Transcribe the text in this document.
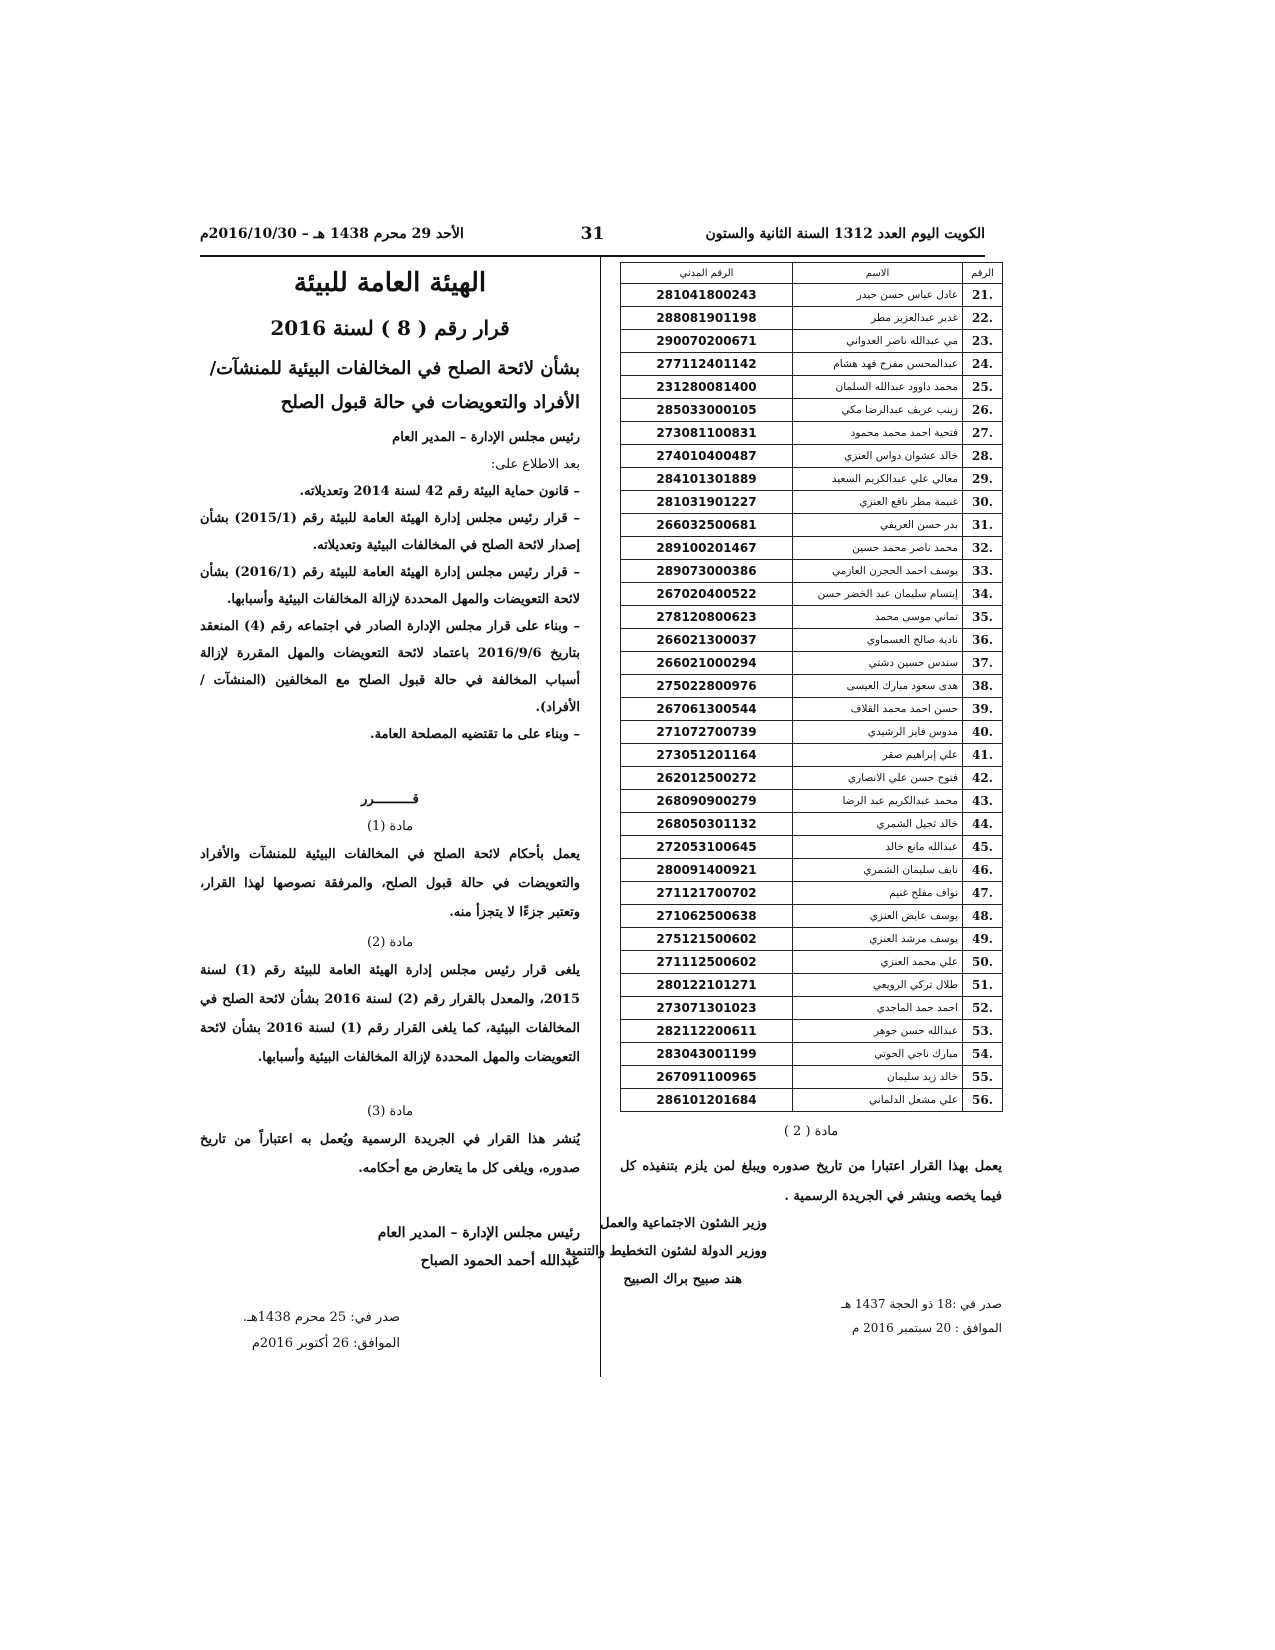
الكويت اليوم العدد 1312 السنة الثانية والستون
31
الأحد 29 محرم 1438 هـ – 2016/10/30م
الرقم	الاسم	الرقم المدني
.21	عادل عباس حسن حيدر	281041800243
.22	غدير عبدالعزيز مطر	288081901198
.23	مي عبدالله ناصر العدواني	290070200671
.24	عبدالمحسن مفرح فهد هشام	277112401142
.25	محمد داوود عبدالله السلمان	231280081400
.26	زينب عريف عبدالرضا مكي	285033000105
.27	فتحية احمد محمد محمود	273081100831
.28	خالد عشوان دواس العنزي	274010400487
.29	معالي علي عبدالكريم السعيد	284101301889
.30	غنيمة مطر نافع العنزي	281031901227
.31	بدر حسن العريفي	266032500681
.32	محمد ناصر محمد حسين	289100201467
.33	يوسف احمد الحجرن العازمي	289073000386
.34	إبتسام سليمان عبد الخضر حسن	267020400522
.35	تماني موسى محمد	278120800623
.36	نادية صالح العسماوي	266021300037
.37	سندس حسين دشتي	266021000294
.38	هدى سعود مبارك العيسى	275022800976
.39	حسن احمد محمد القلاف	267061300544
.40	مدوس فايز الرشيدي	271072700739
.41	علي إبراهيم صقر	273051201164
.42	فتوح حسن علي الانصاري	262012500272
.43	محمد عبدالكريم عبد الرضا	268090900279
.44	خالد ثجيل الشمري	268050301132
.45	عبدالله مانع خالد	272053100645
.46	نايف سليمان الشمري	280091400921
.47	نواف مفلح غنيم	271121700702
.48	يوسف عايض العنزي	271062500638
.49	يوسف مرشد العنزي	275121500602
.50	علي محمد العنزي	271112500602
.51	طلال تركي الرويعي	280122101271
.52	احمد حمد الماجدي	273071301023
.53	عبدالله حسن جوهر	282112200611
.54	مبارك ناجي الحوتي	283043001199
.55	خالد زيد سليمان	267091100965
.56	علي مشعل الدلماني	286101201684
مادة ( 2 )
يعمل بهذا القرار اعتبارا من تاريخ صدوره ويبلغ لمن يلزم بتنفيذه كل فيما يخصه وينشر في الجريدة الرسمية .
وزير الشئون الاجتماعية والعمل
ووزير الدولة لشئون التخطيط والتنمية
هند صبيح براك الصبيح
صدر في :18 ذو الحجة 1437 هـ
الموافق : 20 سبتمبر 2016 م
الهيئة العامة للبيئة
قرار رقم ( 8 ) لسنة 2016
بشأن لائحة الصلح في المخالفات البيئية للمنشآت/ الأفراد والتعويضات في حالة قبول الصلح
رئيس مجلس الإدارة – المدير العام
بعد الاطلاع على:
– قانون حماية البيئة رقم 42 لسنة 2014 وتعديلاته.
– قرار رئيس مجلس إدارة الهيئة العامة للبيئة رقم (2015/1) بشأن إصدار لائحة الصلح في المخالفات البيئية وتعديلاته.
– قرار رئيس مجلس إدارة الهيئة العامة للبيئة رقم (2016/1) بشأن لائحة التعويضات والمهل المحددة لإزالة المخالفات البيئية وأسبابها.
– وبناء على قرار مجلس الإدارة الصادر في اجتماعه رقم (4) المنعقد بتاريخ 2016/9/6 باعتماد لائحة التعويضات والمهل المقررة لإزالة أسباب المخالفة في حالة قبول الصلح مع المخالفين (المنشآت / الأفراد).
– وبناء على ما تقتضيه المصلحة العامة.
قــــــــــرر
مادة (1)
يعمل بأحكام لائحة الصلح في المخالفات البيئية للمنشآت والأفراد والتعويضات في حالة قبول الصلح، والمرفقة نصوصها لهذا القرار، وتعتبر جزءًا لا يتجزأ منه.
مادة (2)
يلغى قرار رئيس مجلس إدارة الهيئة العامة للبيئة رقم (1) لسنة 2015، والمعدل بالقرار رقم (2) لسنة 2016 بشأن لائحة الصلح في المخالفات البيئية، كما يلغى القرار رقم (1) لسنة 2016 بشأن لائحة التعويضات والمهل المحددة لإزالة المخالفات البيئية وأسبابها.
مادة (3)
يُنشر هذا القرار في الجريدة الرسمية ويُعمل به اعتباراً من تاريخ صدوره، ويلغى كل ما يتعارض مع أحكامه.
رئيس مجلس الإدارة – المدير العام
عبدالله أحمد الحمود الصباح
صدر في: 25 محرم 1438هـ.
الموافق: 26 أكتوبر 2016م
